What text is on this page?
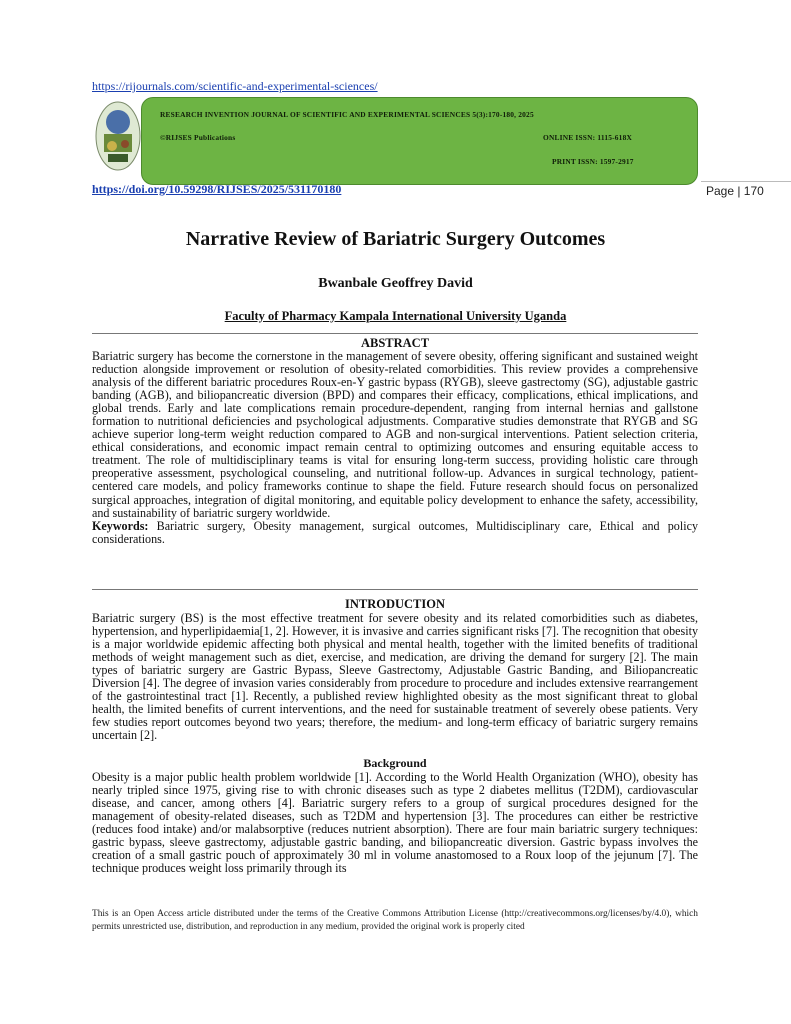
https://rijournals.com/scientific-and-experimental-sciences/
RESEARCH INVENTION JOURNAL OF SCIENTIFIC AND EXPERIMENTAL SCIENCES 5(3):170-180, 2025
©RIJSES Publications	ONLINE ISSN: 1115-618X
PRINT ISSN: 1597-2917
https://doi.org/10.59298/RIJSES/2025/531170180	Page | 170
Narrative Review of Bariatric Surgery Outcomes
Bwanbale Geoffrey David
Faculty of Pharmacy Kampala International University Uganda
ABSTRACT
Bariatric surgery has become the cornerstone in the management of severe obesity, offering significant and sustained weight reduction alongside improvement or resolution of obesity-related comorbidities. This review provides a comprehensive analysis of the different bariatric procedures Roux-en-Y gastric bypass (RYGB), sleeve gastrectomy (SG), adjustable gastric banding (AGB), and biliopancreatic diversion (BPD) and compares their efficacy, complications, ethical implications, and global trends. Early and late complications remain procedure-dependent, ranging from internal hernias and gallstone formation to nutritional deficiencies and psychological adjustments. Comparative studies demonstrate that RYGB and SG achieve superior long-term weight reduction compared to AGB and non-surgical interventions. Patient selection criteria, ethical considerations, and economic impact remain central to optimizing outcomes and ensuring equitable access to treatment. The role of multidisciplinary teams is vital for ensuring long-term success, providing holistic care through preoperative assessment, psychological counseling, and nutritional follow-up. Advances in surgical technology, patient-centered care models, and policy frameworks continue to shape the field. Future research should focus on personalized surgical approaches, integration of digital monitoring, and equitable policy development to enhance the safety, accessibility, and sustainability of bariatric surgery worldwide.
Keywords: Bariatric surgery, Obesity management, surgical outcomes, Multidisciplinary care, Ethical and policy considerations.
INTRODUCTION
Bariatric surgery (BS) is the most effective treatment for severe obesity and its related comorbidities such as diabetes, hypertension, and hyperlipidaemia[1, 2]. However, it is invasive and carries significant risks [7]. The recognition that obesity is a major worldwide epidemic affecting both physical and mental health, together with the limited benefits of traditional methods of weight management such as diet, exercise, and medication, are driving the demand for surgery [2]. The main types of bariatric surgery are Gastric Bypass, Sleeve Gastrectomy, Adjustable Gastric Banding, and Biliopancreatic Diversion [4]. The degree of invasion varies considerably from procedure to procedure and includes extensive rearrangement of the gastrointestinal tract [1]. Recently, a published review highlighted obesity as the most significant threat to global health, the limited benefits of current interventions, and the need for sustainable treatment of severely obese patients. Very few studies report outcomes beyond two years; therefore, the medium- and long-term efficacy of bariatric surgery remains uncertain [2].
Background
Obesity is a major public health problem worldwide [1]. According to the World Health Organization (WHO), obesity has nearly tripled since 1975, giving rise to with chronic diseases such as type 2 diabetes mellitus (T2DM), cardiovascular disease, and cancer, among others [4]. Bariatric surgery refers to a group of surgical procedures designed for the management of obesity-related diseases, such as T2DM and hypertension [3]. The procedures can either be restrictive (reduces food intake) and/or malabsorptive (reduces nutrient absorption). There are four main bariatric surgery techniques: gastric bypass, sleeve gastrectomy, adjustable gastric banding, and biliopancreatic diversion. Gastric bypass involves the creation of a small gastric pouch of approximately 30 ml in volume anastomosed to a Roux loop of the jejunum [7]. The technique produces weight loss primarily through its
This is an Open Access article distributed under the terms of the Creative Commons Attribution License (http://creativecommons.org/licenses/by/4.0), which permits unrestricted use, distribution, and reproduction in any medium, provided the original work is properly cited
